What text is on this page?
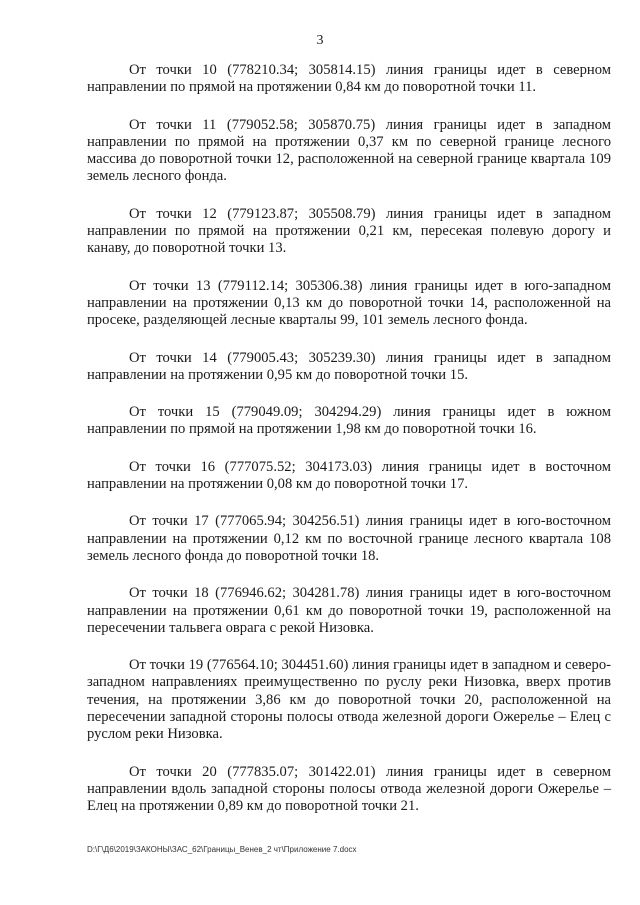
3

От точки 10 (778210.34; 305814.15) линия границы идет в северном направлении по прямой на протяжении 0,84 км до поворотной точки 11.

От точки 11 (779052.58; 305870.75) линия границы идет в западном направлении по прямой на протяжении 0,37 км по северной границе лесного массива до поворотной точки 12, расположенной на северной границе квартала 109 земель лесного фонда.

От точки 12 (779123.87; 305508.79) линия границы идет в западном направлении по прямой на протяжении 0,21 км, пересекая полевую дорогу и канаву, до поворотной точки 13.

От точки 13 (779112.14; 305306.38) линия границы идет в юго-западном направлении на протяжении 0,13 км до поворотной точки 14, расположенной на просеке, разделяющей лесные кварталы 99, 101 земель лесного фонда.

От точки 14 (779005.43; 305239.30) линия границы идет в западном направлении на протяжении 0,95 км до поворотной точки 15.

От точки 15 (779049.09; 304294.29) линия границы идет в южном направлении по прямой на протяжении 1,98 км до поворотной точки 16.

От точки 16 (777075.52; 304173.03) линия границы идет в восточном направлении на протяжении 0,08 км до поворотной точки 17.

От точки 17 (777065.94; 304256.51) линия границы идет в юго-восточном направлении на протяжении 0,12 км по восточной границе лесного квартала 108 земель лесного фонда до поворотной точки 18.

От точки 18 (776946.62; 304281.78) линия границы идет в юго-восточном направлении на протяжении 0,61 км до поворотной точки 19, расположенной на пересечении тальвега оврага с рекой Низовка.

От точки 19 (776564.10; 304451.60) линия границы идет в западном и северо-западном направлениях преимущественно по руслу реки Низовка, вверх против течения, на протяжении 3,86 км до поворотной точки 20, расположенной на пересечении западной стороны полосы отвода железной дороги Ожерелье – Елец с руслом реки Низовка.

От точки 20 (777835.07; 301422.01) линия границы идет в северном направлении вдоль западной стороны полосы отвода железной дороги Ожерелье – Елец на протяжении 0,89 км до поворотной точки 21.

D:\Г\Д6\2019\ЗАКОНЫ\ЗАС_62\Границы_Венев_2 чт\Приложение 7.docx
